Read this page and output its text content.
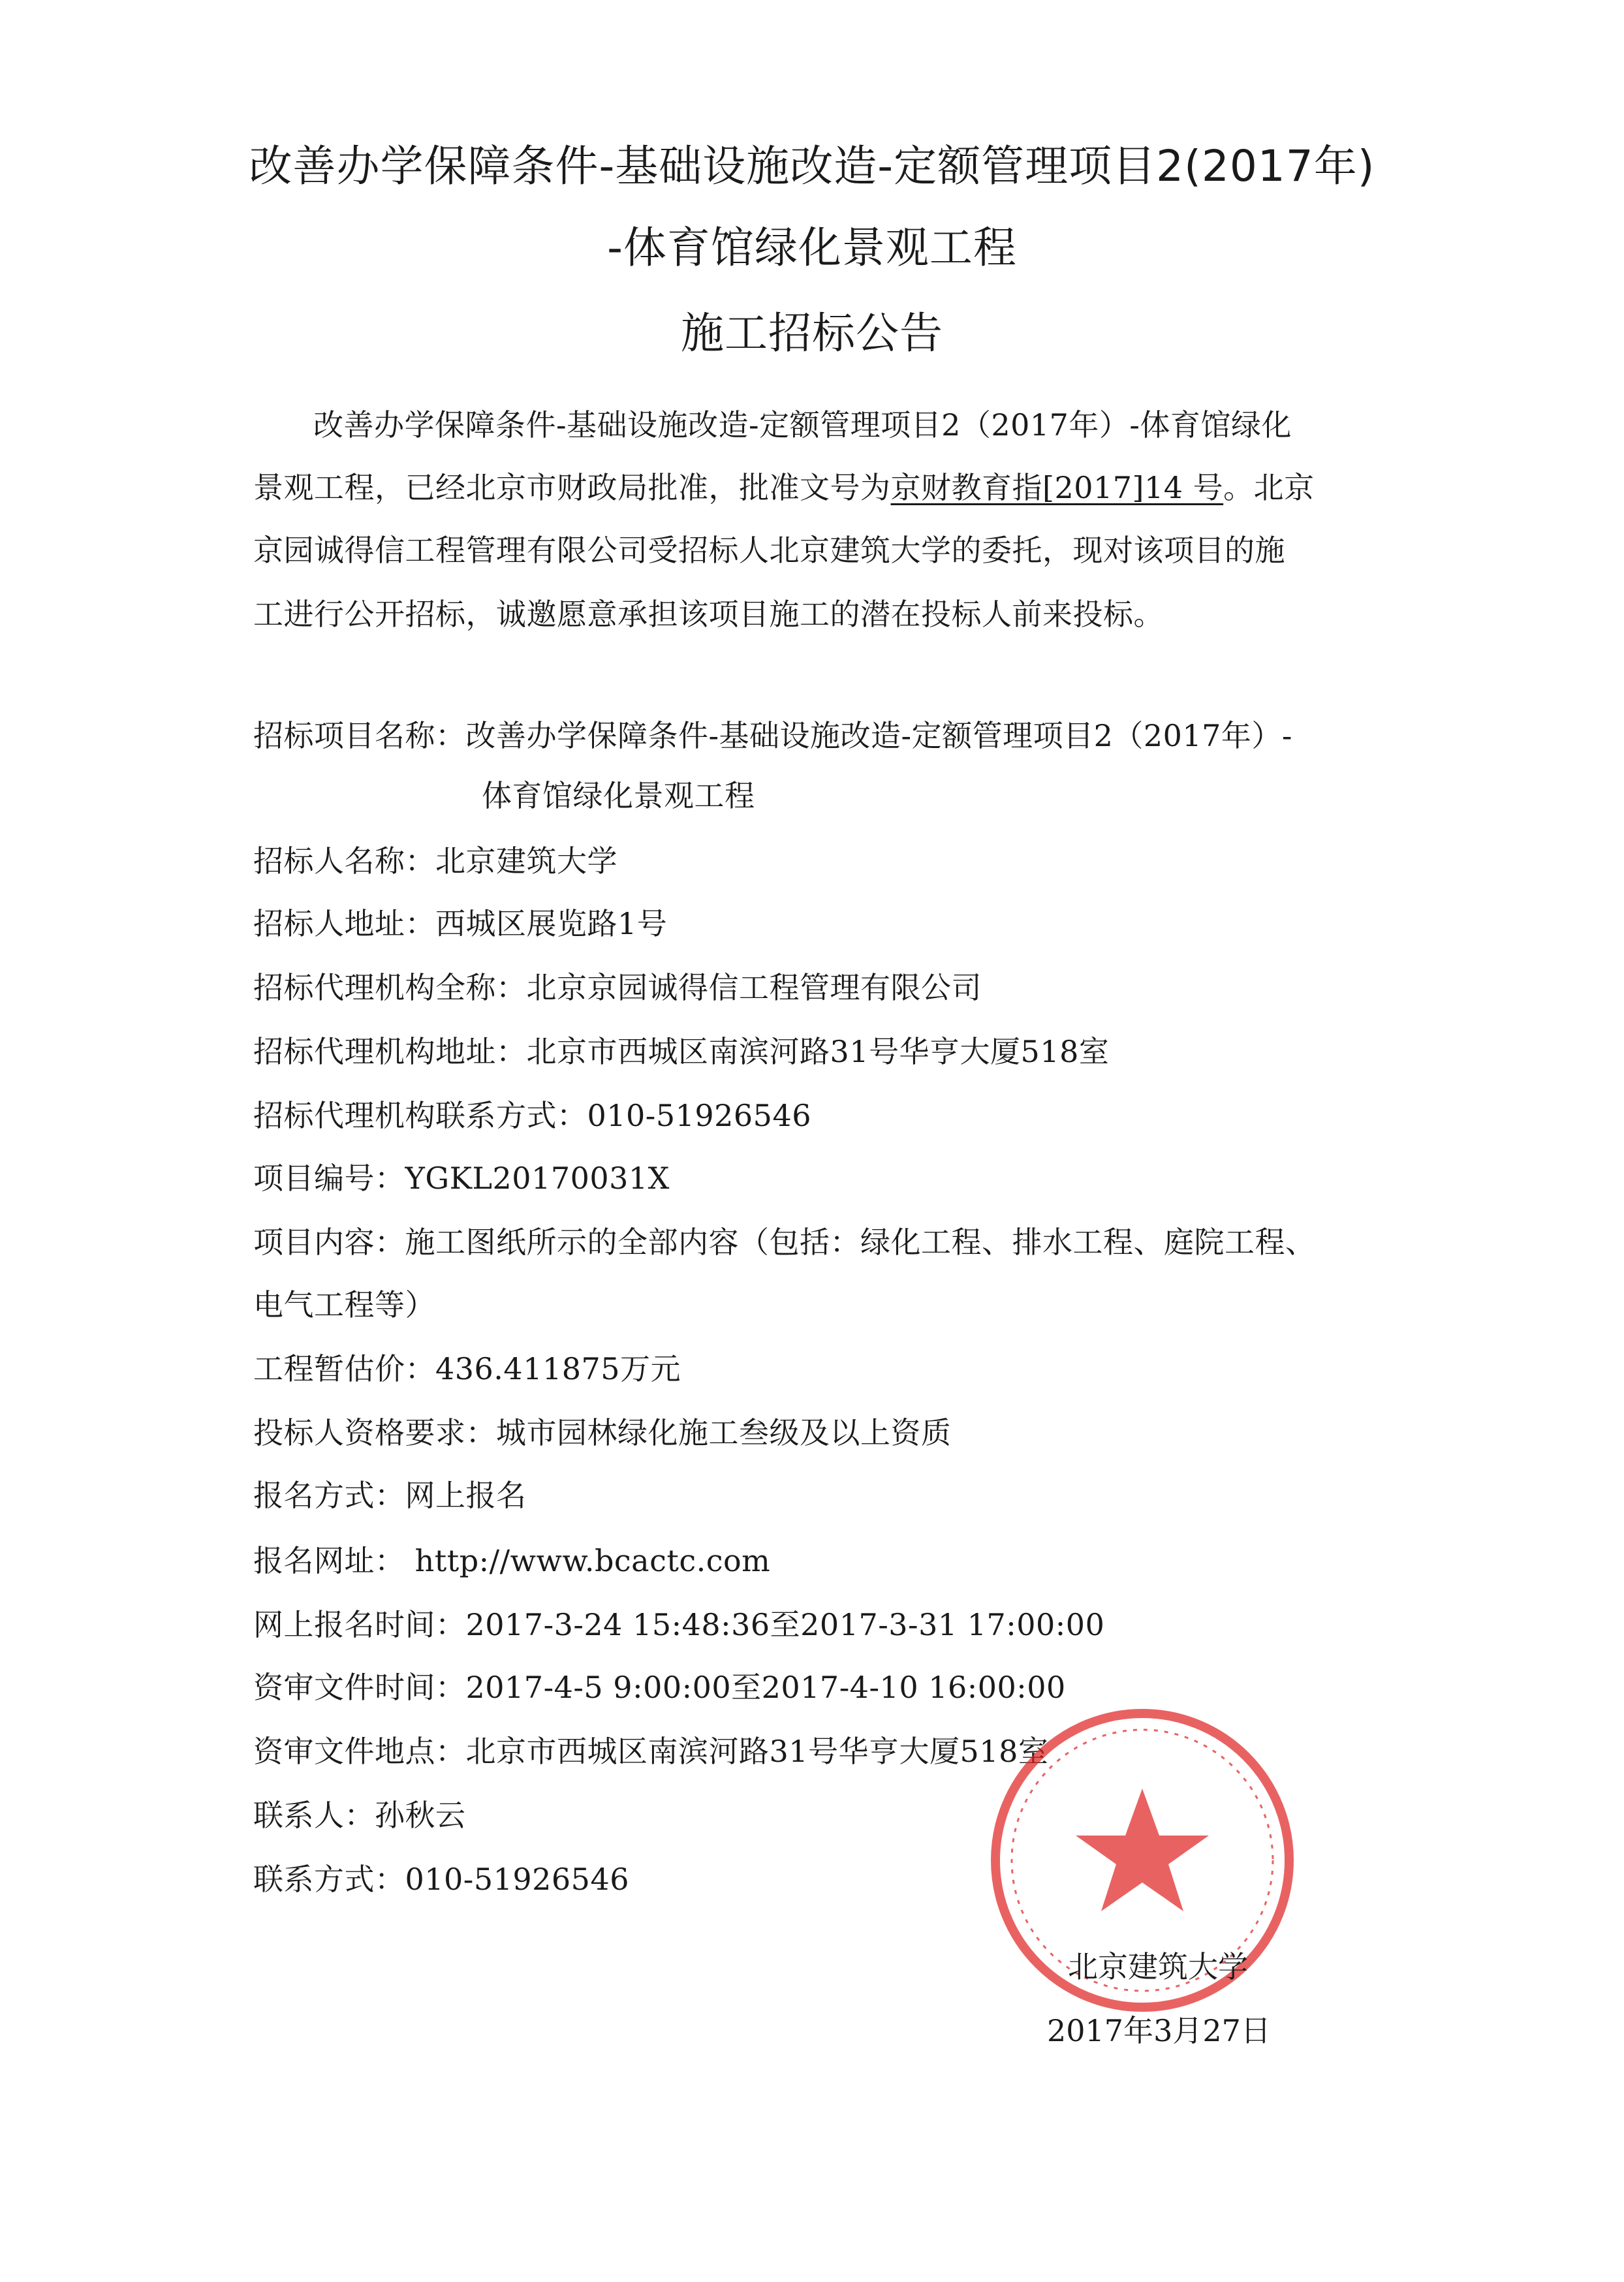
改善办学保障条件-基础设施改造-定额管理项目2(2017年)
-体育馆绿化景观工程
施工招标公告
改善办学保障条件-基础设施改造-定额管理项目2（2017年）-体育馆绿化
景观工程，已经北京市财政局批准，批准文号为京财教育指[2017]14 号。北京
京园诚得信工程管理有限公司受招标人北京建筑大学的委托，现对该项目的施
工进行公开招标，诚邀愿意承担该项目施工的潜在投标人前来投标。
招标项目名称：改善办学保障条件-基础设施改造-定额管理项目2（2017年）-
体育馆绿化景观工程
招标人名称：北京建筑大学
招标人地址：西城区展览路1号
招标代理机构全称：北京京园诚得信工程管理有限公司
招标代理机构地址：北京市西城区南滨河路31号华亨大厦518室
招标代理机构联系方式：010-51926546
项目编号：YGKL20170031X
项目内容：施工图纸所示的全部内容（包括：绿化工程、排水工程、庭院工程、
电气工程等）
工程暂估价：436.411875万元
投标人资格要求：城市园林绿化施工叁级及以上资质
报名方式：网上报名
报名网址： http://www.bcactc.com
网上报名时间：2017-3-24 15:48:36至2017-3-31 17:00:00
资审文件时间：2017-4-5 9:00:00至2017-4-10 16:00:00
资审文件地点：北京市西城区南滨河路31号华亨大厦518室
联系人：孙秋云
联系方式：010-51926546
北京建筑大学
2017年3月27日
